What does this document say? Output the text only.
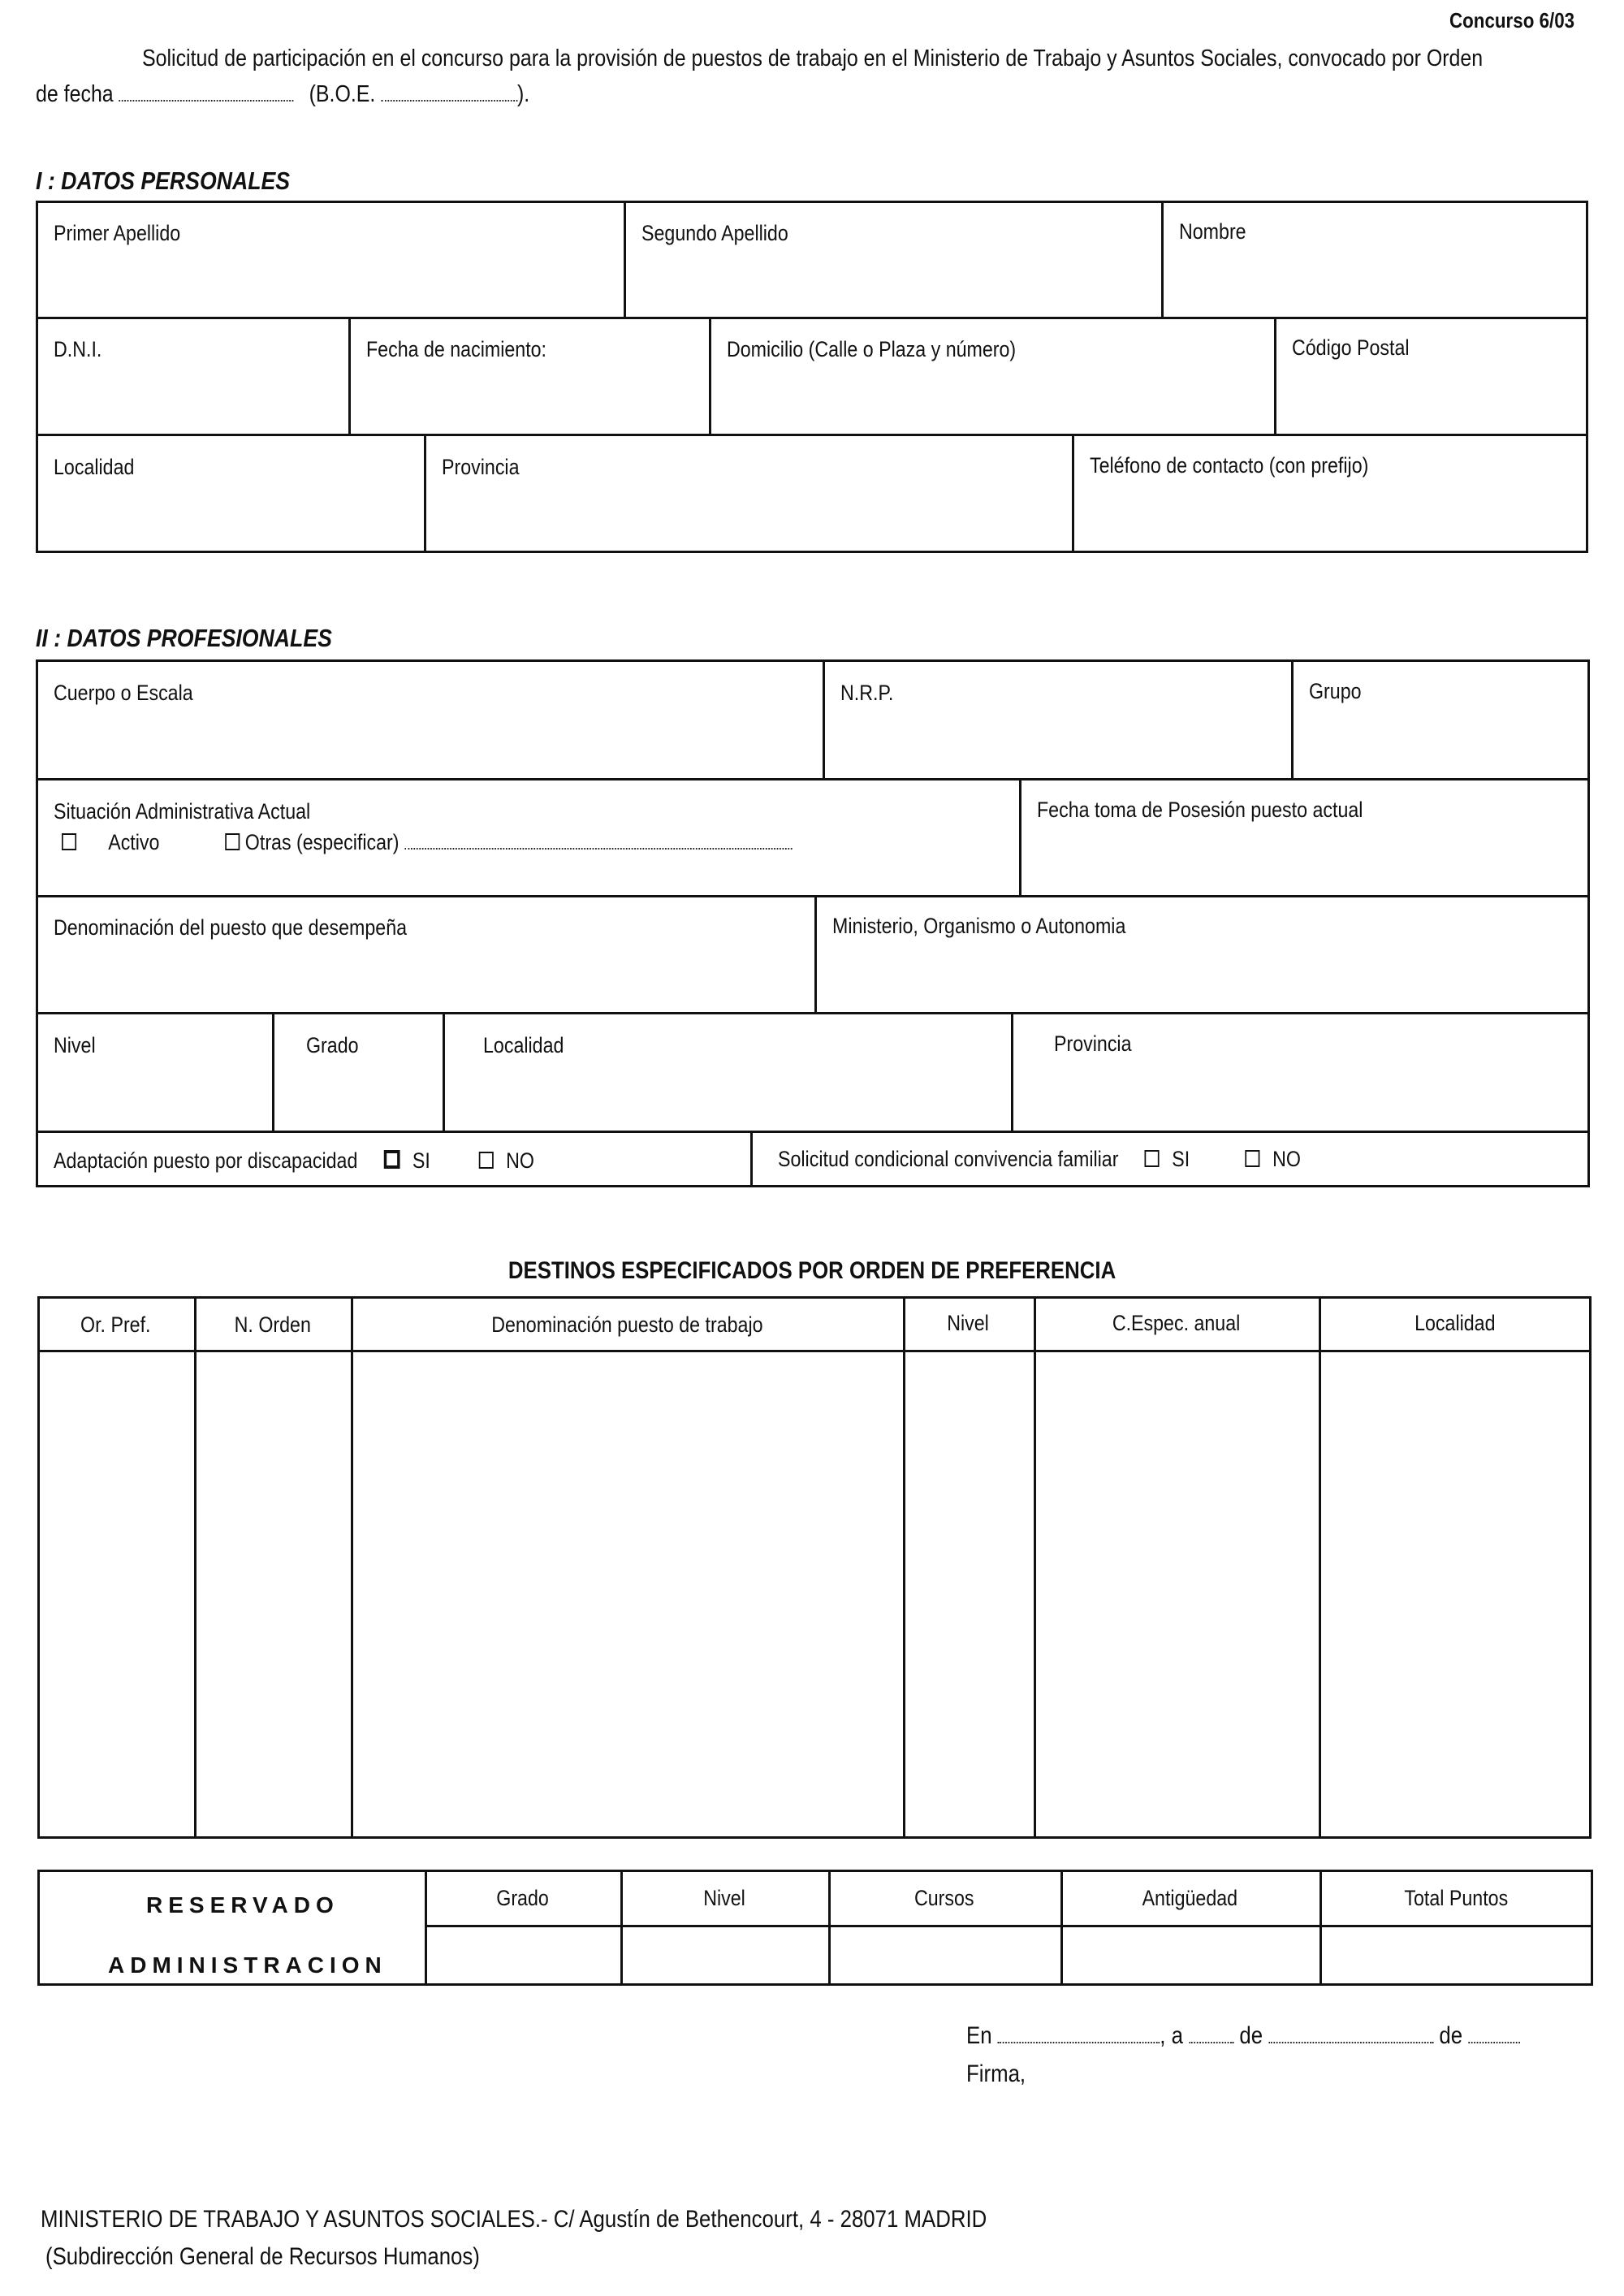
Concurso 6/03
Solicitud de participación en el concurso para la provisión de puestos de trabajo en el Ministerio de Trabajo y Asuntos Sociales, convocado por Orden
de fecha	(B.O.E.	).
I : DATOS PERSONALES
Primer Apellido	Segundo Apellido	Nombre
D.N.I.	Fecha de nacimiento:	Domicilio (Calle o Plaza y número)	Código Postal
Localidad	Provincia	Teléfono de contacto (con prefijo)
II : DATOS PROFESIONALES
Cuerpo o Escala	N.R.P.	Grupo
Situación Administrativa Actual
Activo	Otras (especificar)
Fecha toma de Posesión puesto actual
Denominación del puesto que desempeña	Ministerio, Organismo o Autonomia
Nivel	Grado	Localidad	Provincia
Adaptación puesto por discapacidad	SI	NO	Solicitud condicional convivencia familiar SI	NO
DESTINOS ESPECIFICADOS POR ORDEN DE PREFERENCIA
Or. Pref.	N. Orden	Denominación puesto de trabajo	Nivel	C.Espec. anual	Localidad
RESERVADO
ADMINISTRACION
Grado	Nivel	Cursos	Antigüedad	Total Puntos
En	, a de	de
Firma,
MINISTERIO DE TRABAJO Y ASUNTOS SOCIALES.- C/ Agustín de Bethencourt, 4 - 28071 MADRID
(Subdirección General de Recursos Humanos)
